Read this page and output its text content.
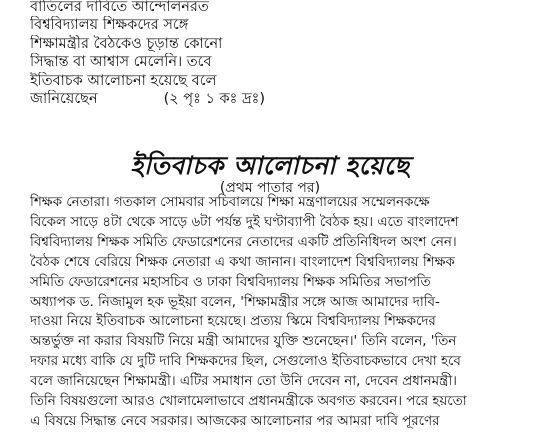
বাতিলের দাবিতে আন্দোলনরত
বিশ্ববিদ্যালয় শিক্ষকদের সঙ্গে
শিক্ষামন্ত্রীর বৈঠকেও চূড়ান্ত কোনো
সিদ্ধান্ত বা আশ্বাস মেলেনি। তবে
ইতিবাচক আলোচনা হয়েছে বলে
জানিয়েছেন	(২ পৃঃ ১ কঃ দ্রঃ)
ইতিবাচক আলোচনা হয়েছে
(প্রথম পাতার পর)
শিক্ষক নেতারা। গতকাল সোমবার সচিবালয়ে শিক্ষা মন্ত্রণালয়ের সম্মেলনকক্ষে
বিকেল সাড়ে ৪টা থেকে সাড়ে ৬টা পর্যন্ত দুই ঘণ্টাব্যাপী বৈঠক হয়। এতে বাংলাদেশ
বিশ্ববিদ্যালয় শিক্ষক সমিতি ফেডারেশনের নেতাদের একটি প্রতিনিধিদল অংশ নেন।
বৈঠক শেষে বেরিয়ে শিক্ষক নেতারা এ কথা জানান। বাংলাদেশ বিশ্ববিদ্যালয় শিক্ষক
সমিতি ফেডারেশনের মহাসচিব ও ঢাকা বিশ্ববিদ্যালয় শিক্ষক সমিতির সভাপতি
অধ্যাপক ড. নিজামুল হক ভূইয়া বলেন, 'শিক্ষামন্ত্রীর সঙ্গে আজ আমাদের দাবি-
দাওয়া নিয়ে ইতিবাচক আলোচনা হয়েছে। প্রত্যয় স্কিমে বিশ্ববিদ্যালয় শিক্ষকদের
অন্তর্ভুক্ত না করার বিষয়টি নিয়ে মন্ত্রী আমাদের যুক্তি শুনেছেন।' তিনি বলেন, 'তিন
দফার মধ্যে বাকি যে দুটি দাবি শিক্ষকদের ছিল, সেগুলোও ইতিবাচকভাবে দেখা হবে
বলে জানিয়েছেন শিক্ষামন্ত্রী। এটির সমাধান তো উনি দেবেন না, দেবেন প্রধানমন্ত্রী।
তিনি বিষয়গুলো আরও খোলামেলাভাবে প্রধানমন্ত্রীকে অবগত করবেন। পরে হয়তো
এ বিষয়ে সিদ্ধান্ত নেবে সরকার। আজকের আলোচনার পর আমরা দাবি পূরণের
